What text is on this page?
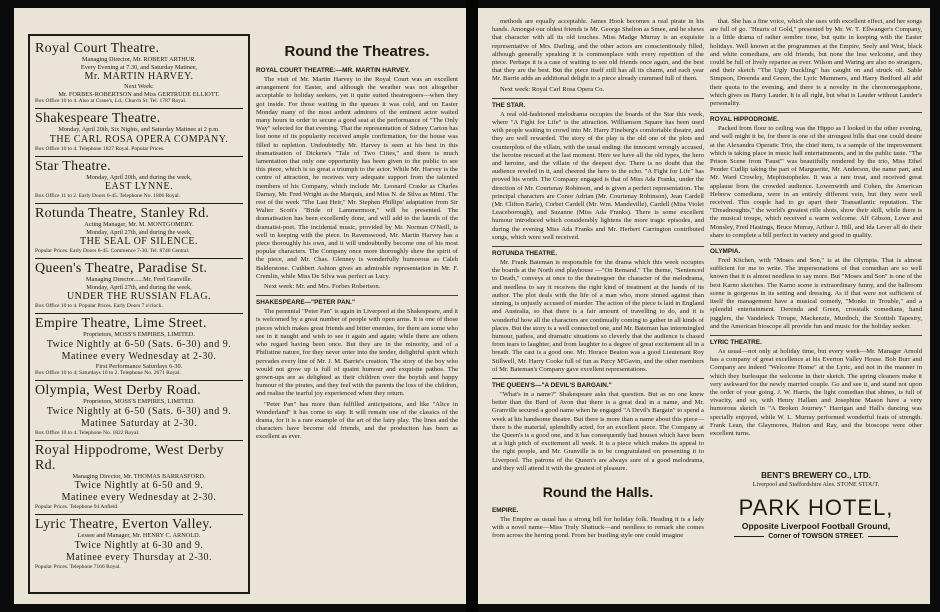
Royal Court Theatre.
Managing Director, Mr. ROBERT ARTHUR.
Every Evening at 7.30, and Saturday Matinee,
Mr. MARTIN HARVEY.
Next Week:
Mr. FORBES-ROBERTSON and Miss GERTRUDE ELLIOTT.
Box Office 10 to 4. Also at Crane's, Ld., Church St. Tel. 1787 Royal.
Shakespeare Theatre.
Monday, April 20th, Six Nights, and Saturday Matinee at 2 p.m.
THE CARL ROSA OPERA COMPANY.
Box Office 10 to 4. Telephone 1827 Royal. Popular Prices.
Star Theatre.
Monday, April 20th, and during the week,
EAST LYNNE.
Box Office 11 to 2. Early Doors 6-45. Telephone No. 1806 Royal.
Rotunda Theatre, Stanley Rd.
Acting Manager, Mr. M. MONTGOMERY.
Monday, April 27th, and during the week,
THE SEAL OF SILENCE.
Popular Prices. Early Doors 6-45. Commence 7-30. Tel. 8746 Central.
Queen's Theatre, Paradise St.
Managing Director......Mr. Fred Granville.
Monday, April 27th, and during the week,
UNDER THE RUSSIAN FLAG.
Box Office 10 to 4. Popular Prices. Early Doors 7 o'clock.
Empire Theatre, Lime Street.
Proprietors, MOSS'S EMPIRES, LIMITED.
Twice Nightly at 6-50 (Sats. 6-30) and 9.
Matinee every Wednesday at 2-30.
First Performance Saturdays 6-30.
Box Office 10 to 4; Saturdays 10 to 2. Telephone No. 2671 Royal.
Olympia, West Derby Road.
Proprietors, MOSS'S EMPIRES, LIMITED.
Twice Nightly at 6-50 (Sats. 6-30) and 9.
Matinee Saturday at 2-30.
Box Office 10 to 4. Telephone No. 1822 Royal.
Royal Hippodrome, West Derby Rd.
Managing Director, Mr. THOMAS BARRASFORD.
Twice Nightly at 6-50 and 9.
Matinee every Wednesday at 2-30.
Popular Prices. Telephone 94 Anfield.
Lyric Theatre, Everton Valley.
Lessee and Manager, Mr. HENRY C. ARNOLD.
Twice Nightly at 6-30 and 9.
Matinee every Thursday at 2-30.
Popular Prices. Telephone 7166 Royal.
Round the Theatres.
ROYAL COURT THEATRE:—MR. MARTIN HARVEY.
The visit of Mr. Martin Harvey to the Royal Court was an excellent arrangement for Easter, and although the weather was not altogether acceptable to holiday seekers, yet it quite suited theatregoers—when they got inside. For those waiting in the queues it was cold, and on Easter Monday many of the most ardent admirers of the eminent actor waited many hours in order to secure a good seat at the performance of "The Only Way" selected for that evening. That the representation of Sidney Carton has lost none of its popularity received ample confirmation, for the house was filled to repletion. Undoubtedly Mr. Harvey is seen at his best in this dramatisation of Dickens's "Tale of Two Cities," and there is much lamentation that only one opportunity has been given to the public to see this piece, which is so great a triumph to the actor. While Mr. Harvey is the centre of attraction, he receives very adequate support from the talented members of his Company, which include Mr. Leonard Craske as Charles Darnay, Mr. Fred Wright as the Marquis, and Miss N. de Silva as Mimi. The rest of the week "The Last Heir," Mr. Stephen Phillips' adaptation from Sir Walter Scott's "Bride of Lammermoor," will be presented. The dramatisation has been excellently done, and will add to the laurels of the dramatist-poet. The incidental music, provided by Mr. Norman O'Neill, is well in keeping with the piece. In Ravenswood, Mr. Martin Harvey has a piece thoroughly his own, and it will undoubtedly become one of his most popular characters. The Company once more thoroughly shew the spirit of the piece, and Mr. Chas. Glenney is wonderfully humorous as Caleb Balderstone. Cuthbert Ashton gives an admirable representation in Mr. F. Cremlin, while Miss De Silva was perfect as Lucy.
Next week: Mr. and Mrs. Forbes Robertson.
SHAKESPEARE—"PETER PAN."
The perennial "Peter Pan" is again in Liverpool at the Shakespeare, and it is welcomed by a great number of people with open arms. It is one of those pieces which makes great friends and bitter enemies, for there are some who see in it naught and wish to see it again and again; while there are others who regard having been once. But they are in the minority, and of a Philistine nature, for they never enter into the tender, delightful spirit which pervades every line of Mr. J. M. Barrie's creation. The story of the boy who would not grow up is full of quaint humour and exquisite pathos. The grown-ups are as delighted as their children over the boyish and happy humour of the pirates, and they feel with the parents the loss of the children, and realise the tearful joy experienced when they return.
"Peter Pan" has more than fulfilled anticipations, and like "Alice in Wonderland" it has come to stay. It will remain one of the classics of the drama, for it is a rare example of the art of the fairy play. The lines and the characters have become old friends, and the production has been as excellent as ever.
methods are equally acceptable. James Hook becomes a real pirate in his hands. Amongst our oldest friends is Mr. George Shelton as Smee, and he shews that character with all its old touches. Miss Madge Murray is an exquisite representative of Mrs. Darling, and the other actors are conscientiously filled, although generally speaking it is commonplace with every repetition of the piece. Perhaps it is a case of waiting to see old friends once again, and the best that they are the best. But the piece itself still has all its charm, and each year Mr. Barrie adds an additional delight to a piece already crammed full of them.
Next week: Royal Carl Rosa Opera Co.
THE STAR.
A real old-fashioned melodrama occupies the boards of the Star this week, where "A Fight for Life" is the attraction. Williamson Square has been used with people waiting to crowd into Mr. Harry Fineberg's comfortable theatre, and they are well rewarded. The story of the play is the old one of the plots and counterplots of the villain, with the usual ending: the innocent wrongly accused, the heroine rescued at the last moment. Here we have all the old types, the hero and heroine, and the villain of the deepest dye. There is no doubt that the audience reveled in it, and cheered the hero to the echo. "A Fight for Life" has proved his worth. The Company engaged is that of Miss Ada Franks, under the direction of Mr. Courtenay Robinson, and is given a perfect representation. The principal characters are Conor Adrian (Mr. Courtenay Robinson), Jean Cardell (Mr. Clifton Earle), Corbet Cardell (Mr. Wm. Mandeville), Cardell (Miss Violet Leaceborough), and Suzanne (Miss Ada Franks). There is some excellent humour introduced which considerably lightens the more tragic episodes, and during the evening Miss Ada Franks and Mr. Herbert Carrington contributed songs, which were well received.
ROTUNDA THEATRE.
Mr. Frank Bateman is responsible for the drama which this week occupies the boards at the North end playhouse —"On Remand." The theme, "Sentenced to Death," conveys at once to the theatregoer the character of the melodrama, and needless to say it receives the right kind of treatment at the hands of its author. The plot deals with the life of a man who, more sinned against than sinning, is unjustly accused of murder. The action of the piece is laid in England and Australia, so that there is a fair amount of travelling to do, and it is wonderful how all the characters are continually coming to gather in all kinds of places. But the story is a well connected one, and Mr. Bateman has intermingled humour, pathos, and dramatic situations so cleverly that the audience is chased from tears to laughter, and from laughter to a degree of great excitement all in a breath. The cast is a good one. Mr. Horace Beaton was a good Lieutenant Roy Stillwell, Mr. Harry Cooke full of fun as Percy M'Gavin, and the other members of Mr. Bateman's Company gave excellent representations.
THE QUEEN'S—"A DEVIL'S BARGAIN."
"What's in a name?" Shakespeare asks that question. But as no one knew better than the Bard of Avon that there is a great deal in a name, and Mr. Granville secured a good name when he engaged "A Devil's Bargain" to spend a week at his handsome theatre. But there is more than a name about this piece—there is the material, splendidly acted, for an excellent piece. The Company at the Queen's is a good one, and it has consequently had houses which have been at a high pitch of excitement all week. It is a piece which makes its appeal to the right people, and Mr. Granville is to be congratulated on presenting it to Liverpool. The patrons of the Queen's are always sure of a good melodrama, and they will attend it with the greatest of pleasure.
Round the Halls.
EMPIRE.
The Empire as usual has a strong bill for holiday folk. Heading it is a lady with a novel name—Miss Truly Shattuck—and needless to remark she comes from across the herring pond. From her bustling style one could imagine
that. She has a fine voice, which she uses with excellent effect, and her songs are full of go. "Hearts of Gold," presented by Mr. W. T. Ellwanger's Company, is a little drama of rather sombre tone, but quite in keeping with the Easter holidays. Well known at the programmes at the Empire, Seely and West, black and white comedians, are old friends, but none the less welcome, and they could be full of lively repartee as ever. Wilson and Waring are also no strangers, and their sketch "The Ugly Duckling" has caught on and struck oil. Sable Simpson, Dreenda and Green, the Lyric Mummers, and Harry Bedford all add their quota to the evening, and there is a novelty in the chronomegaphone, which gives us Harry Lauder. It is all right, but what is Lauder without Lauder's personality.
ROYAL HIPPODROME.
Packed from floor to ceiling was the Hippo as I looked in the other evening, and well might it be, for there is one of the strongest bills that one could desire at the Alexandra Operatic Trio, the chief item, is a sample of the improvement which is taking place in music hall entertainments, and in the public taste. "The Prison Scene from 'Faust'" was beautifully rendered by the trio, Miss Ethel Pender Cudlip taking the part of Marguerite, Mr. Anderson, the name part, and Mr. Ward Crowley, Mephistopheles. It was a rare treat, and received great applause from the crowded audience. Lowenwirth and Cohen, the American Hebrew comedians, were in an entirely different vein, but they were well received. This couple had to go apart their Transatlantic reputation. The "Dreadnoughts," the world's greatest rifle shots, show their skill, while there is the musical troupe, which received a warm welcome. Alf Gibson, Lowe and Monsley, Fred Hastings, Bruce Murray, Arthur J. Hill, and Ida Lever all do their share to complete a bill perfect in variety and good in quality.
OLYMPIA.
Fred Kitchen, with "Moses and Son," is at the Olympia. That is almost sufficient for me to write. The impersonations of that comedian are so well known that it is almost needless to say more. But "Moses and Son" is one of the best Karno sketches. The Karno scene is extraordinary funny, and the ballroom scene is gorgeous in its setting and dressing. As if that were not sufficient of itself the management have a musical comedy, "Monks in Trouble," and a splendid entertainment. Derenda and Green, crosstalk comedians, hand jugglers, the Vandeleck Troupe, Mackenzie, Murdoch, the Scottish Tapestry, and the American bioscope all provide fun and music for the holiday seeker.
LYRIC THEATRE.
As usual—not only at holiday time, but every week—Mr. Manager Arnold has a company of great excellence at his Everton Valley House. Bob Burr and Company are indeed "Welcome Home" at the Lyric, and not in the manner in which they burlesque the welcome in their sketch. The spring cleaners make it very awkward for the newly married couple. Go and see it, and stand not upon the order of your going. J. W. Harris, the light comedian that shines, is full of vivacity, and so, with Henry Hallam and Josephine Mason have a very humorous sketch in "A Broken Journey." Harrigan and Hall's dancing was specially enjoyed, while W. L. Murray performed wonderful feats of strength. Frank Lean, the Glaymores, Halton and Ray, and the bioscope were other excellent turns.
BENT'S BREWERY CO., LTD.
Liverpool and Staffordshire Ales. STONE STOUT.
PARK HOTEL,
Opposite Liverpool Football Ground,
Corner of TOWSON STREET.
